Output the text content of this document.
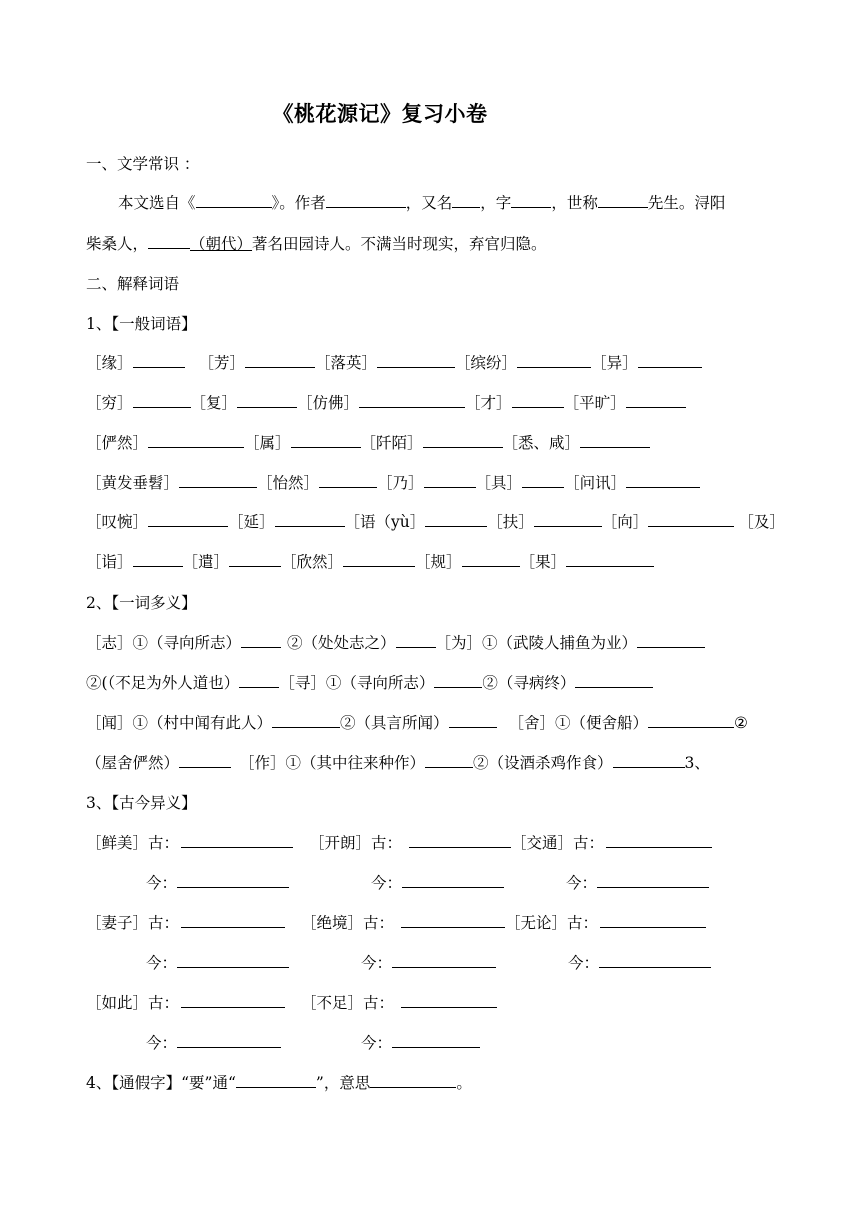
《桃花源记》复习小卷
一、文学常识 ：
本文选自《	》。作者	，又名 ，字	，世称	先生。浔阳
柴桑人，	（朝代）著名田园诗人。不满当时现实，弃官归隐。
二、解释词语
1、【一般词语】
［缘］	［芳］	［落英］	［缤纷］	［异］
［穷］	［复］	［仿佛］	［才］	［平旷］
［俨然］	［属］	［阡陌］	［悉、咸］
［黄发垂髫］	［怡然］	［乃］	［具］	［问讯］
［叹惋］	［延］	［语（yù］	［扶］	［向］	［及］
［诣］	［遣］	［欣然］	［规］	［果］
2、【一词多义】
［志］①（寻向所志）	②（处处志之）	［为］①（武陵人捕鱼为业）
②(（不足为外人道也）	［寻］①（寻向所志）	②（寻病终）
［闻］①（村中闻有此人）	②（具言所闻）	［舍］①（便舍船）	②
（屋舍俨然）	［作］①（其中往来种作）	②（设酒杀鸡作食）	3、
3、【古今异义】
［鲜美］古：	［开朗］古：	［交通］古：
今：	今：	今：
［妻子］古：	［绝境］古：	［无论］古：
今：	今：	今：
［如此］古：	［不足］古：
今：	今：
4、【通假字】“要”通“	”，意思	。
